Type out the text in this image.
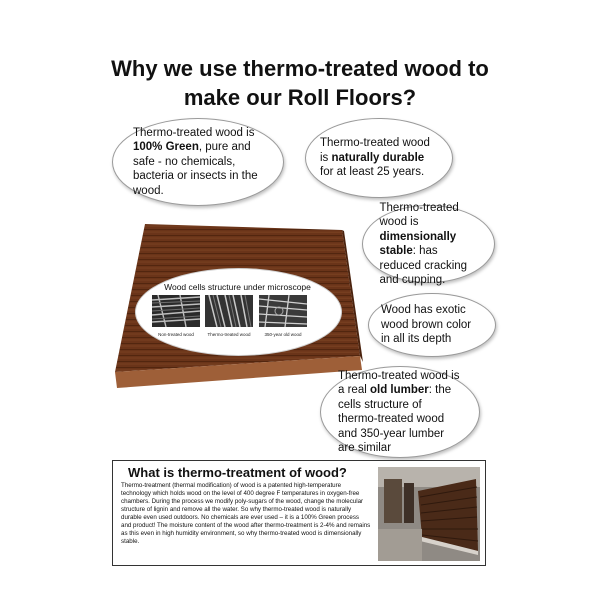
Why we use thermo-treated wood to
make our Roll Floors?
Wood cells structure under microscope
Non-treated wood	Thermo-treated wood	350-year old wood
Thermo-treated wood is 100% Green, pure and safe - no chemicals, bacteria or insects in the wood.
Thermo-treated wood is naturally durable for at least 25 years.
Thermo-treated wood is dimensionally stable: has reduced cracking and cupping.
Wood has exotic wood brown color in all its depth
Thermo-treated wood is a real old lumber: the cells structure of thermo-treated wood and 350-year lumber are similar
What is thermo-treatment of wood?
Thermo-treatment (thermal modification) of wood is a patented high-temperature technology which holds wood on the level of 400 degree F temperatures in oxygen-free chambers. During the process we modify poly-sugars of the wood, change the molecular structure of lignin and remove all the water. So why thermo-treated wood is naturally durable even used outdoors. No chemicals are ever used – it is a 100% Green process and product! The moisture content of the wood after thermo-treatment is 2-4% and remains as this even in high humidity environment, so why thermo-treated wood is dimensionally stable.
